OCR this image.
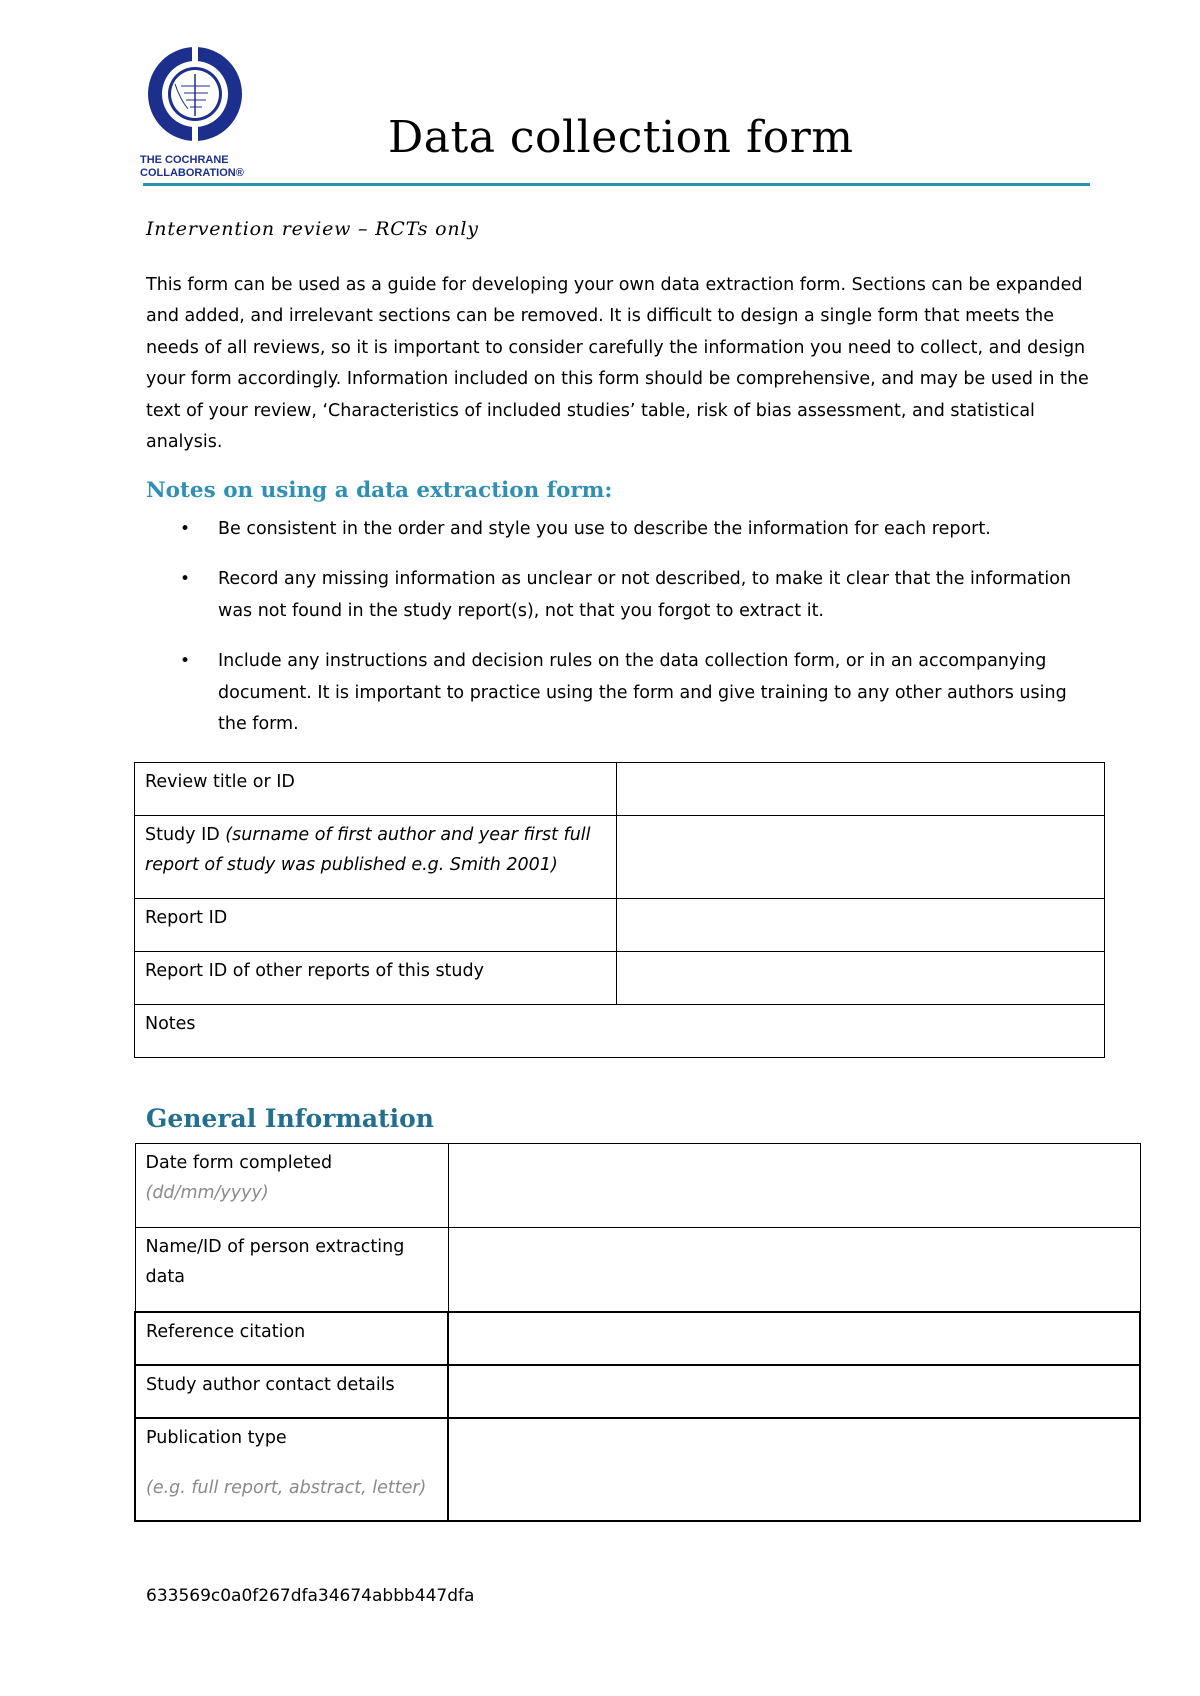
THE COCHRANE
COLLABORATION®
Data collection form
Intervention review – RCTs only

This form can be used as a guide for developing your own data extraction form. Sections can be expanded and added, and irrelevant sections can be removed. It is difficult to design a single form that meets the needs of all reviews, so it is important to consider carefully the information you need to collect, and design your form accordingly. Information included on this form should be comprehensive, and may be used in the text of your review, ‘Characteristics of included studies’ table, risk of bias assessment, and statistical analysis.

Notes on using a data extraction form:
• Be consistent in the order and style you use to describe the information for each report.
• Record any missing information as unclear or not described, to make it clear that the information was not found in the study report(s), not that you forgot to extract it.
• Include any instructions and decision rules on the data collection form, or in an accompanying document. It is important to practice using the form and give training to any other authors using the form.
Review title or ID	
Study ID (surname of first author and year first full report of study was published e.g. Smith 2001)	
Report ID	
Report ID of other reports of this study	
Notes	
General Information
Date form completed
(dd/mm/yyyy)	

Name/ID of person extracting data	
Reference citation	
Study author contact details	

Publication type
(e.g. full report, abstract, letter)	

633569c0a0f267dfa34674abbb447dfa
